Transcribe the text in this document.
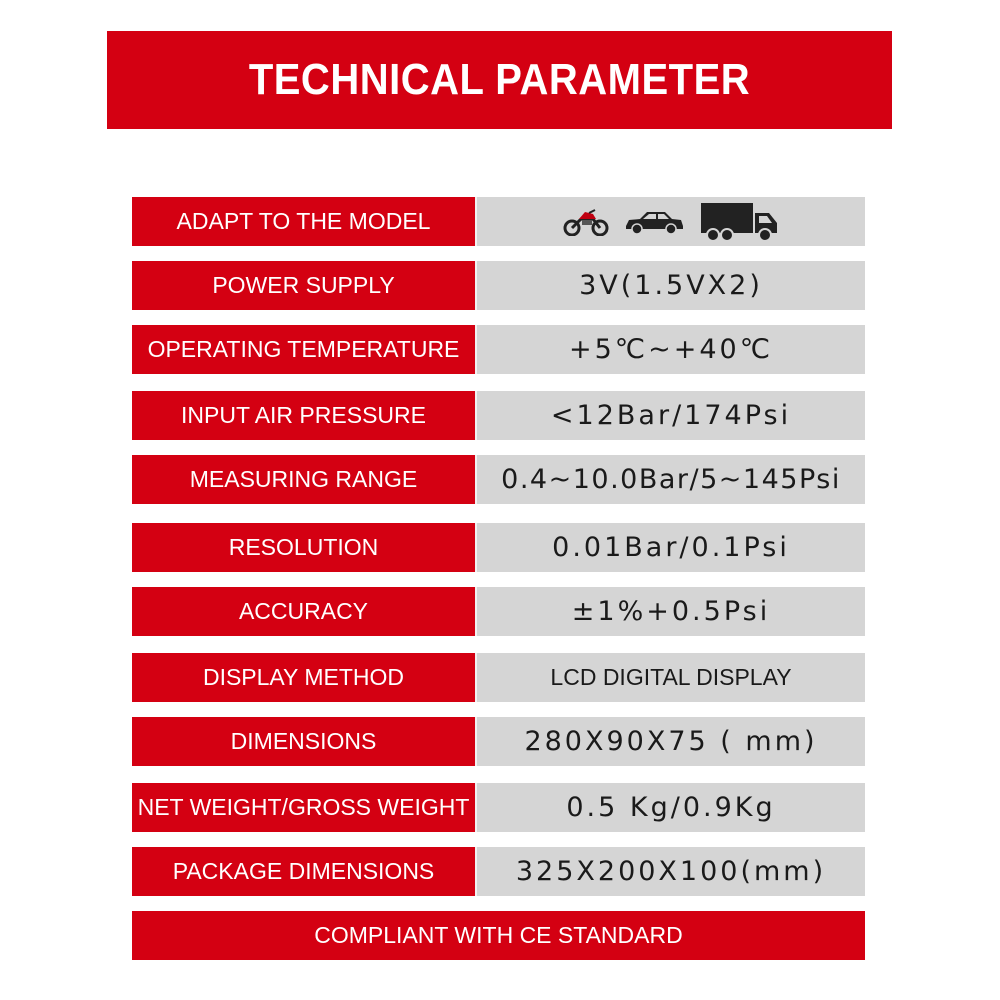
TECHNICAL PARAMETER
ADAPT TO THE MODEL
POWER SUPPLY	3V(1.5VX2)
OPERATING TEMPERATURE	+5℃~+40℃
INPUT AIR PRESSURE	<12Bar/174Psi
MEASURING RANGE	0.4~10.0Bar/5~145Psi
RESOLUTION	0.01Bar/0.1Psi
ACCURACY	±1%+0.5Psi
DISPLAY METHOD	LCD DIGITAL DISPLAY
DIMENSIONS	280X90X75 ( mm)
NET WEIGHT/GROSS WEIGHT	0.5 Kg/0.9Kg
PACKAGE DIMENSIONS	325X200X100(mm)
COMPLIANT WITH CE STANDARD
